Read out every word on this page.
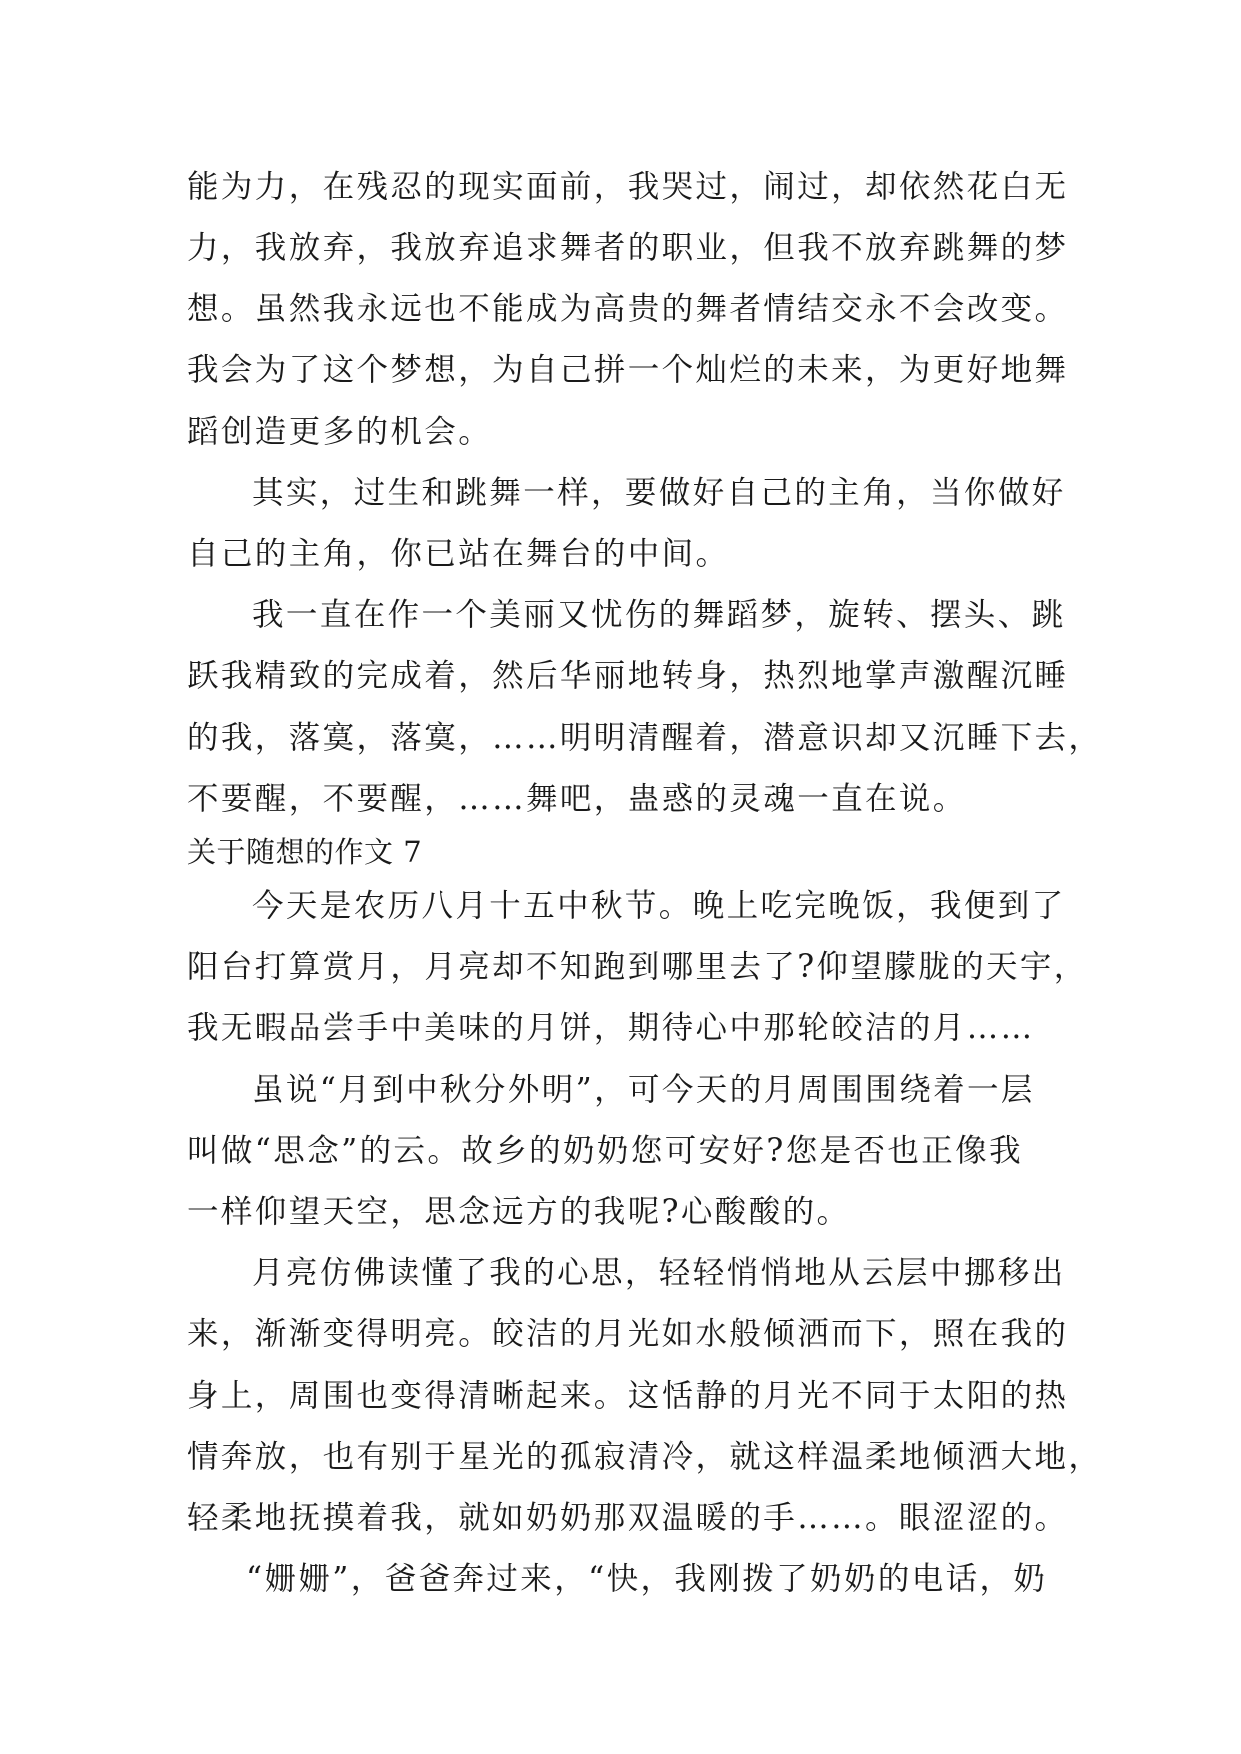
能为力，在残忍的现实面前，我哭过，闹过，却依然花白无
力，我放弃，我放弃追求舞者的职业，但我不放弃跳舞的梦
想。虽然我永远也不能成为高贵的舞者情结交永不会改变。
我会为了这个梦想，为自己拼一个灿烂的未来，为更好地舞
蹈创造更多的机会。
其实，过生和跳舞一样，要做好自己的主角，当你做好
自己的主角，你已站在舞台的中间。
我一直在作一个美丽又忧伤的舞蹈梦，旋转、摆头、跳
跃我精致的完成着，然后华丽地转身，热烈地掌声激醒沉睡
的我，落寞，落寞，……明明清醒着，潜意识却又沉睡下去，
不要醒，不要醒，……舞吧，蛊惑的灵魂一直在说。
关于随想的作文 7
今天是农历八月十五中秋节。晚上吃完晚饭，我便到了
阳台打算赏月，月亮却不知跑到哪里去了?仰望朦胧的天宇，
我无暇品尝手中美味的月饼，期待心中那轮皎洁的月……
虽说“月到中秋分外明”，可今天的月周围围绕着一层
叫做“思念”的云。故乡的奶奶您可安好?您是否也正像我
一样仰望天空，思念远方的我呢?心酸酸的。
月亮仿佛读懂了我的心思，轻轻悄悄地从云层中挪移出
来，渐渐变得明亮。皎洁的月光如水般倾洒而下，照在我的
身上，周围也变得清晰起来。这恬静的月光不同于太阳的热
情奔放，也有别于星光的孤寂清冷，就这样温柔地倾洒大地，
轻柔地抚摸着我，就如奶奶那双温暖的手……。眼涩涩的。
“姗姗”，爸爸奔过来，“快，我刚拨了奶奶的电话，奶
